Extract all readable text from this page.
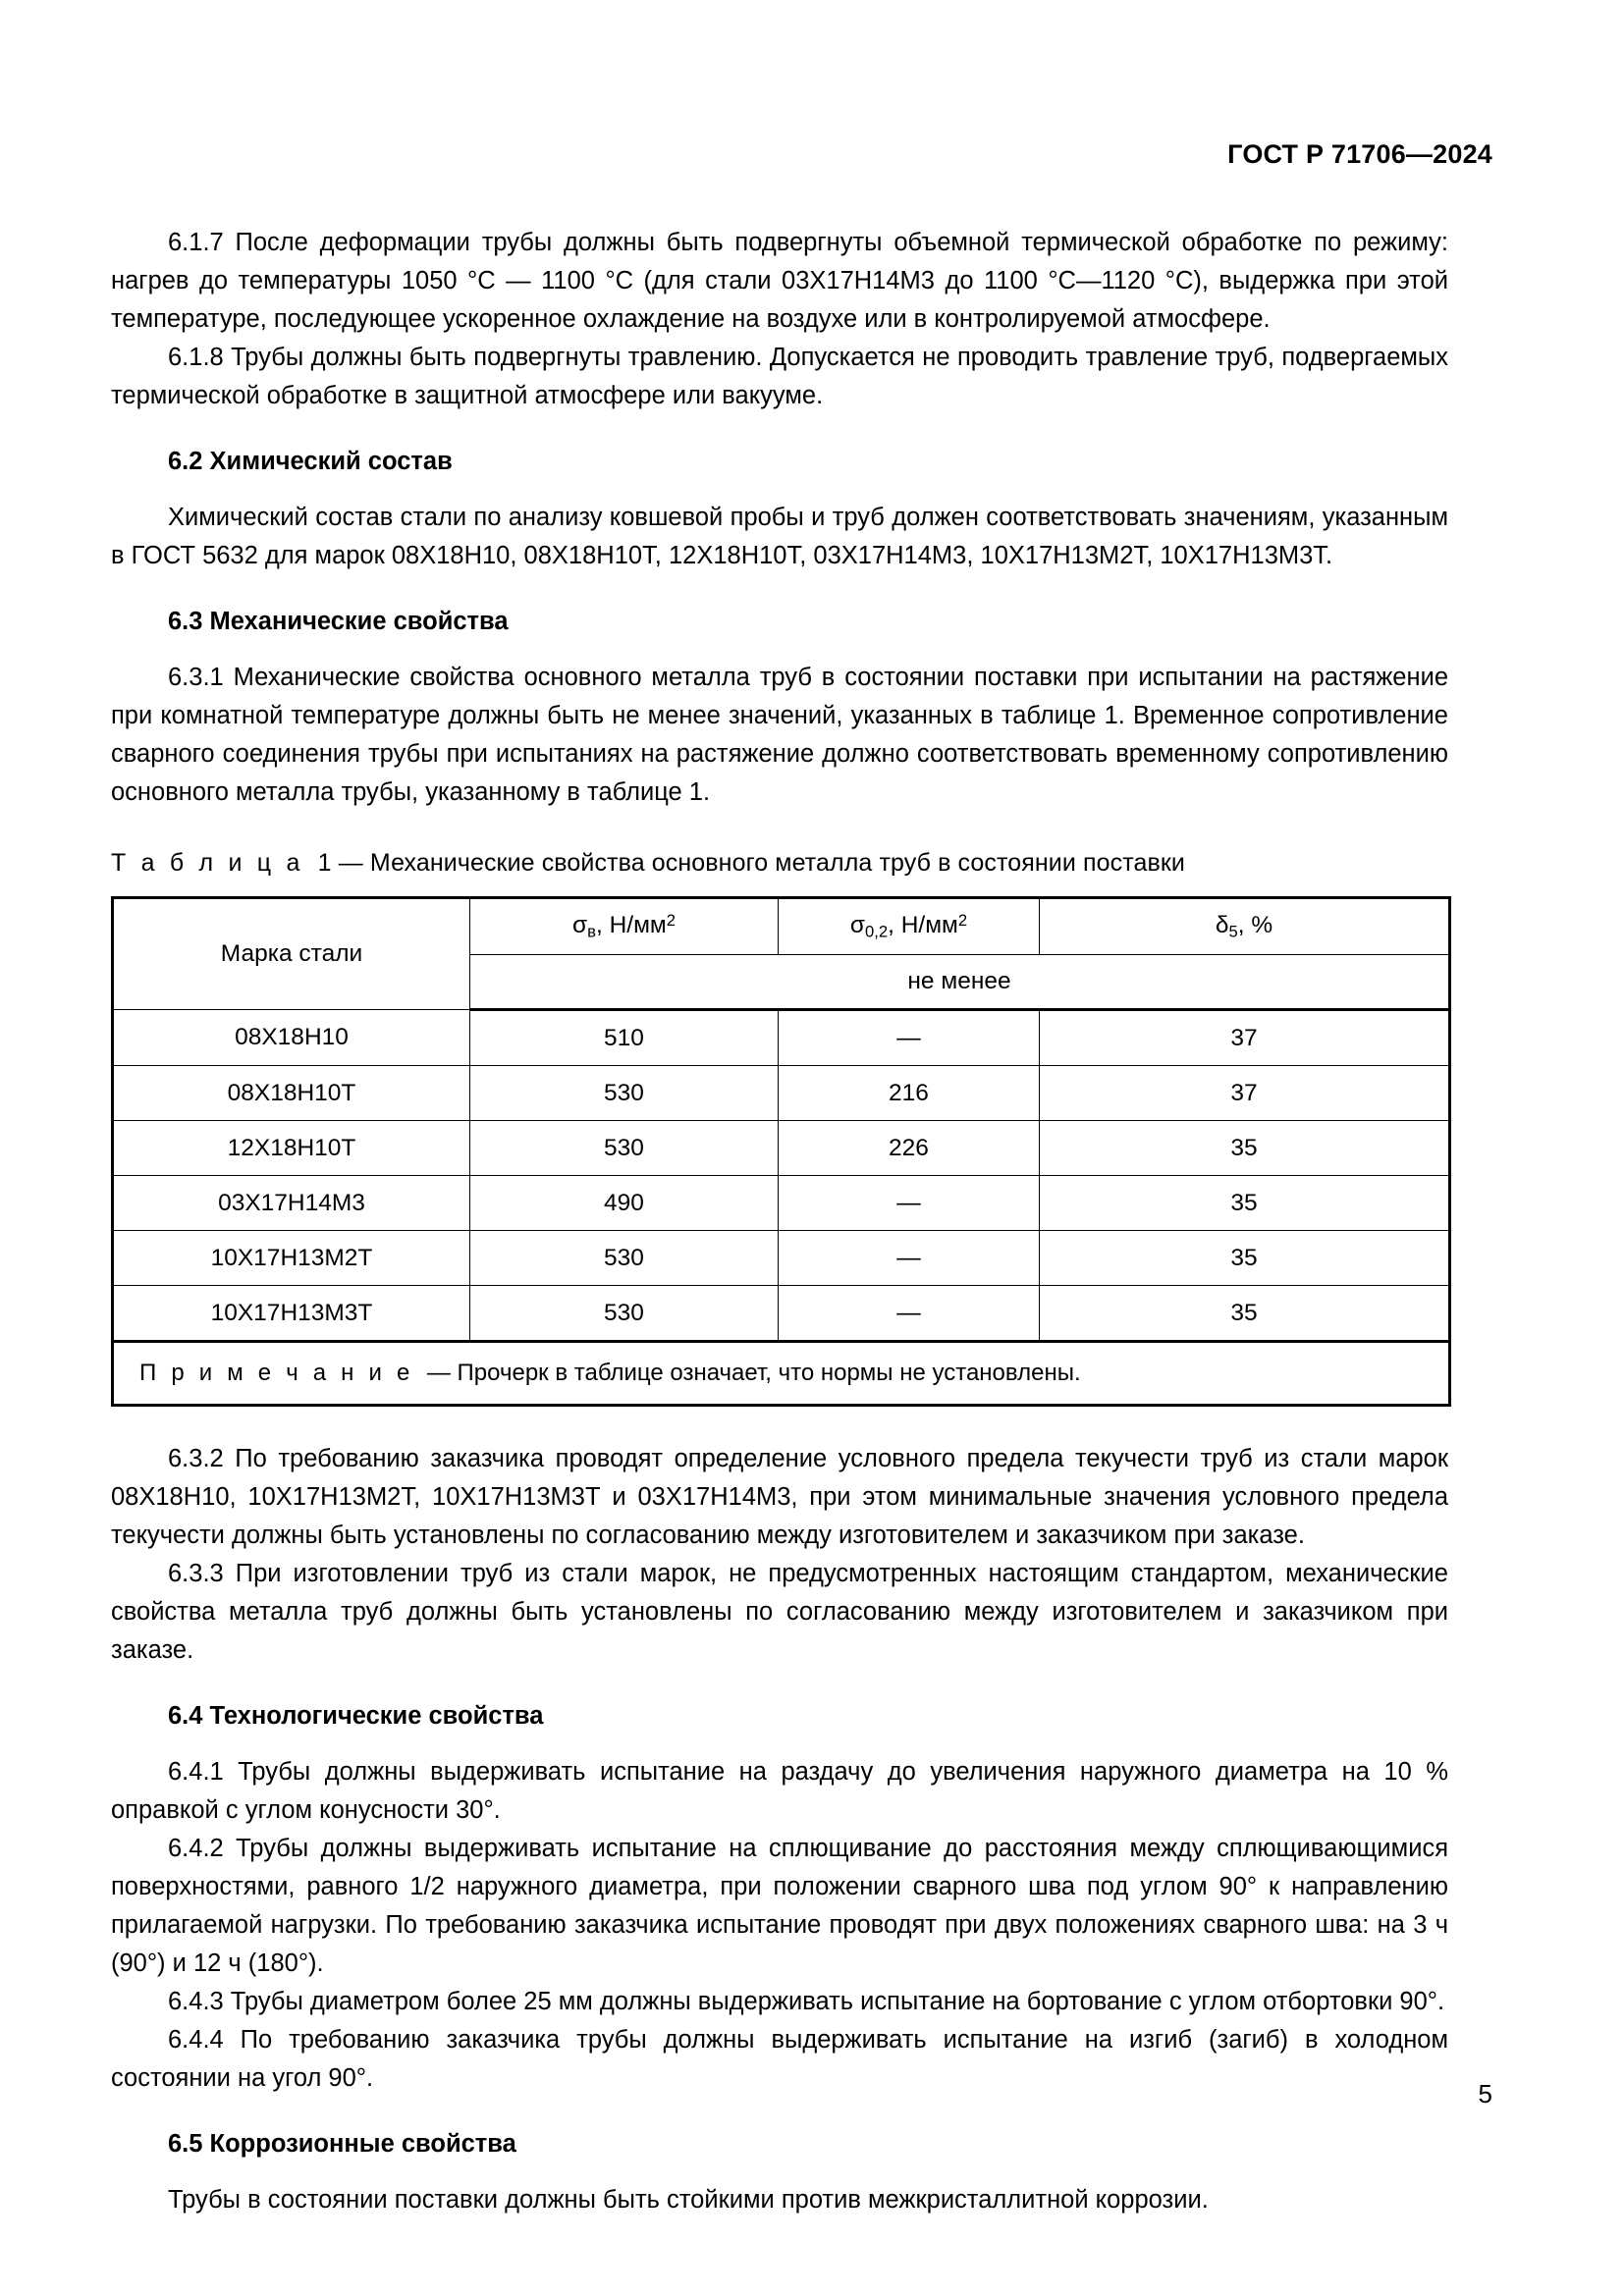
ГОСТ Р 71706—2024

6.1.7 После деформации трубы должны быть подвергнуты объемной термической обработке по режиму: нагрев до температуры 1050 °С — 1100 °С (для стали 03Х17Н14М3 до 1100 °С—1120 °С), выдержка при этой температуре, последующее ускоренное охлаждение на воздухе или в контролируемой атмосфере.

6.1.8 Трубы должны быть подвергнуты травлению. Допускается не проводить травление труб, подвергаемых термической обработке в защитной атмосфере или вакууме.

6.2 Химический состав

Химический состав стали по анализу ковшевой пробы и труб должен соответствовать значениям, указанным в ГОСТ 5632 для марок 08Х18Н10, 08Х18Н10Т, 12Х18Н10Т, 03Х17Н14М3, 10Х17Н13М2Т, 10Х17Н13М3Т.

6.3 Механические свойства

6.3.1 Механические свойства основного металла труб в состоянии поставки при испытании на растяжение при комнатной температуре должны быть не менее значений, указанных в таблице 1. Временное сопротивление сварного соединения трубы при испытаниях на растяжение должно соответствовать временному сопротивлению основного металла трубы, указанному в таблице 1.

Т а б л и ц а 1 — Механические свойства основного металла труб в состоянии поставки

Марка стали	$\sigma_в$, $Н/мм^2$	$\sigma_{0,2}$, $Н/мм^2$	$\delta_5$, %
	не менее		
08Х18Н10	510	—	37
08Х18Н10Т	530	216	37
12Х18Н10Т	530	226	35
03Х17Н14М3	490	—	35
10Х17Н13М2Т	530	—	35
10Х17Н13М3Т	530	—	35
П р и м е ч а н и е — Прочерк в таблице означает, что нормы не установлены.			

6.3.2 По требованию заказчика проводят определение условного предела текучести труб из стали марок 08Х18Н10, 10Х17Н13М2Т, 10Х17Н13М3Т и 03Х17Н14М3, при этом минимальные значения условного предела текучести должны быть установлены по согласованию между изготовителем и заказчиком при заказе.

6.3.3 При изготовлении труб из стали марок, не предусмотренных настоящим стандартом, механические свойства металла труб должны быть установлены по согласованию между изготовителем и заказчиком при заказе.

6.4 Технологические свойства

6.4.1 Трубы должны выдерживать испытание на раздачу до увеличения наружного диаметра на 10 % оправкой с углом конусности 30°.

6.4.2 Трубы должны выдерживать испытание на сплющивание до расстояния между сплющивающимися поверхностями, равного 1/2 наружного диаметра, при положении сварного шва под углом 90° к направлению прилагаемой нагрузки. По требованию заказчика испытание проводят при двух положениях сварного шва: на 3 ч (90°) и 12 ч (180°).

6.4.3 Трубы диаметром более 25 мм должны выдерживать испытание на бортование с углом отбортовки 90°.

6.4.4 По требованию заказчика трубы должны выдерживать испытание на изгиб (загиб) в холодном состоянии на угол 90°.

6.5 Коррозионные свойства

Трубы в состоянии поставки должны быть стойкими против межкристаллитной коррозии.

5
